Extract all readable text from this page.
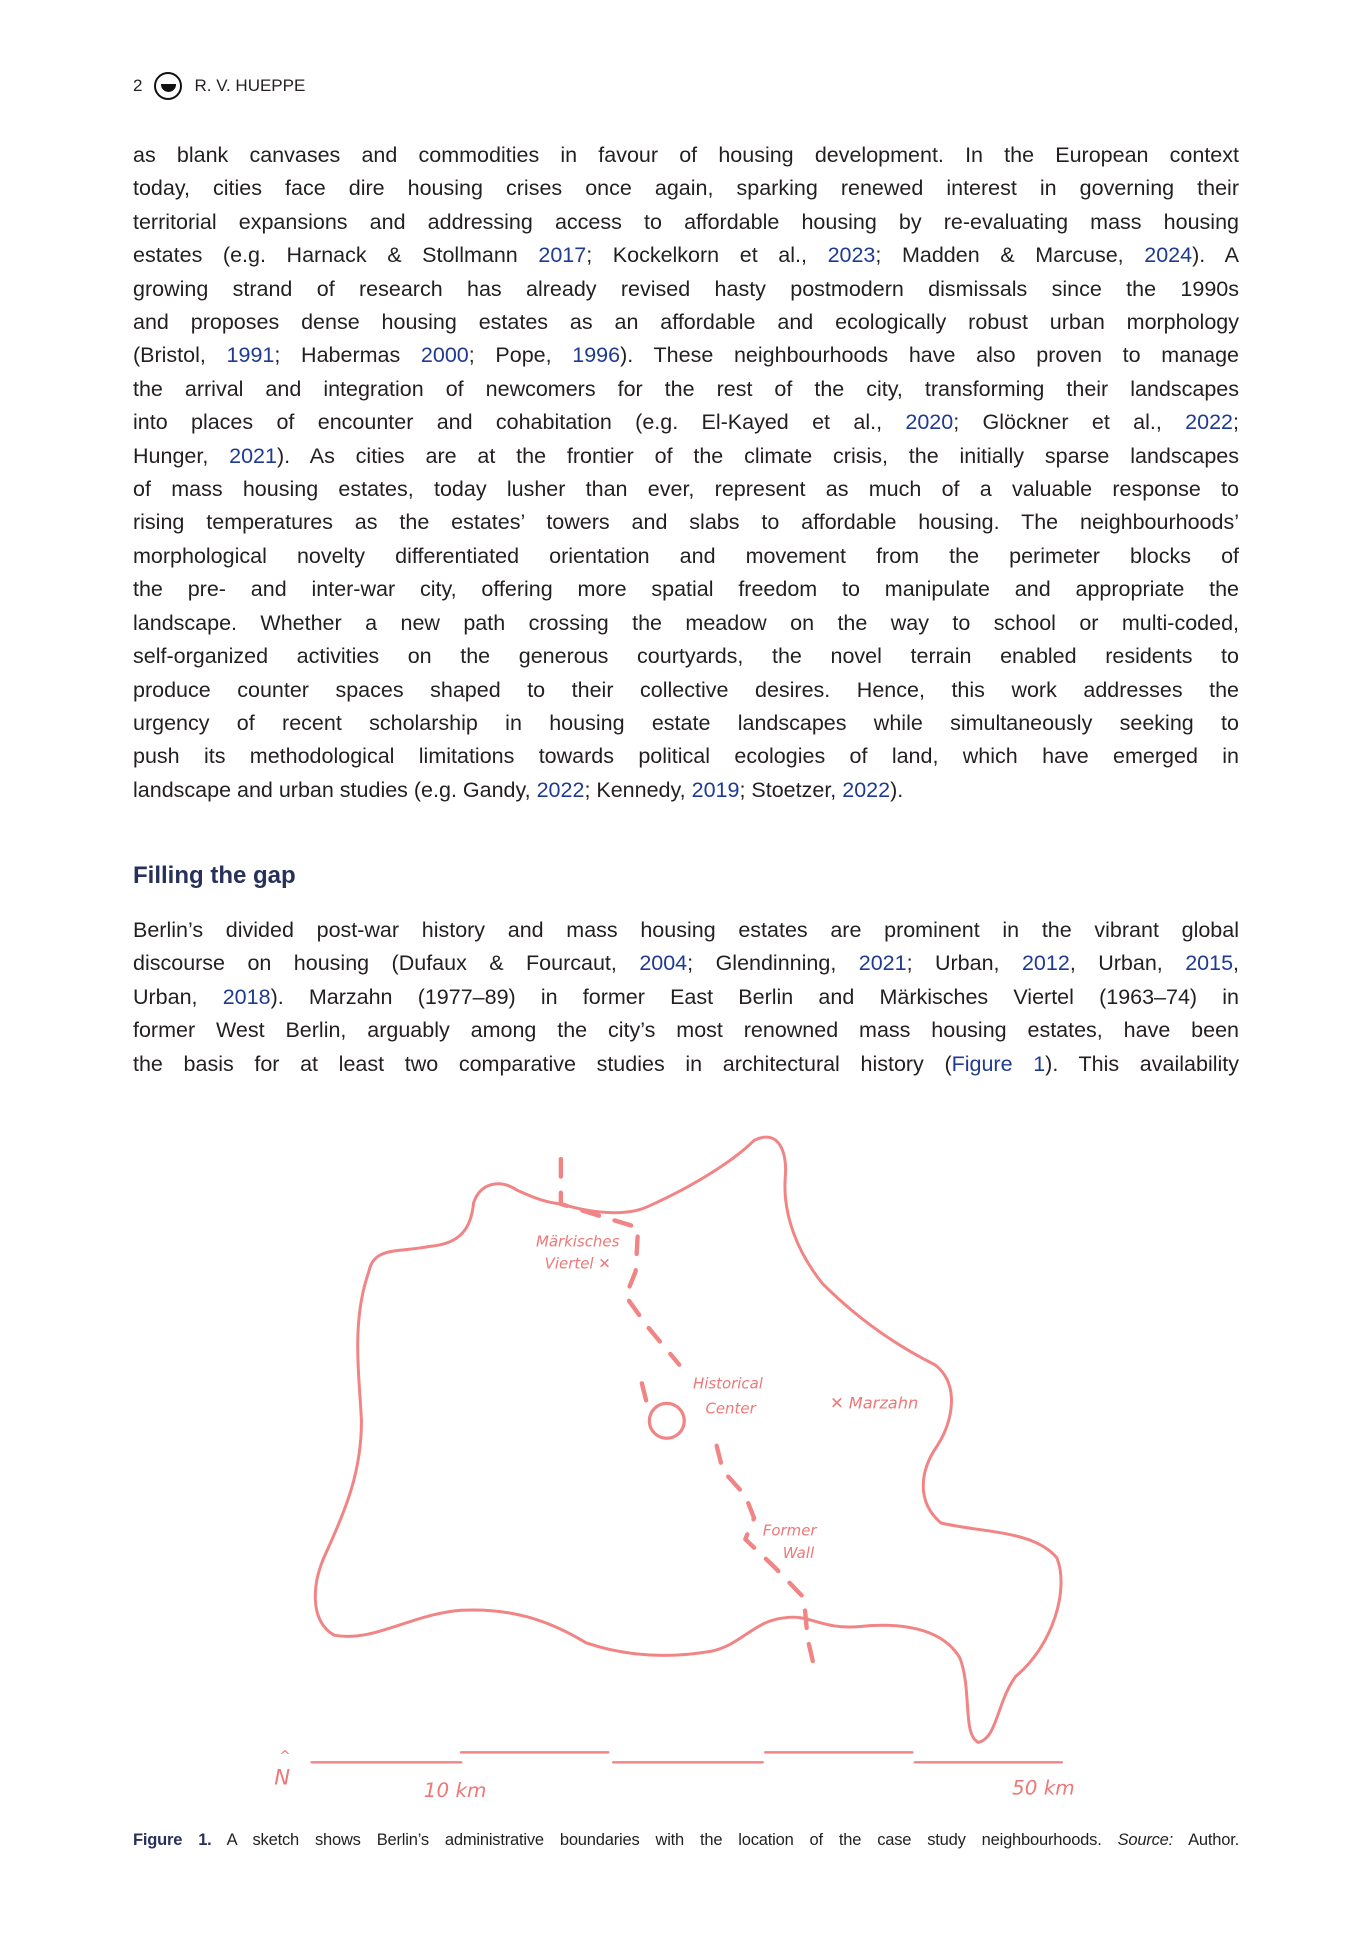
2	R. V. HUEPPE
as blank canvases and commodities in favour of housing development. In the European context
today, cities face dire housing crises once again, sparking renewed interest in governing their
territorial expansions and addressing access to affordable housing by re-evaluating mass housing
estates (e.g. Harnack & Stollmann 2017; Kockelkorn et al., 2023; Madden & Marcuse, 2024). A
growing strand of research has already revised hasty postmodern dismissals since the 1990s
and proposes dense housing estates as an affordable and ecologically robust urban morphology
(Bristol, 1991; Habermas 2000; Pope, 1996). These neighbourhoods have also proven to manage
the arrival and integration of newcomers for the rest of the city, transforming their landscapes
into places of encounter and cohabitation (e.g. El-Kayed et al., 2020; Glöckner et al., 2022;
Hunger, 2021). As cities are at the frontier of the climate crisis, the initially sparse landscapes
of mass housing estates, today lusher than ever, represent as much of a valuable response to
rising temperatures as the estates’ towers and slabs to affordable housing. The neighbourhoods’
morphological novelty differentiated orientation and movement from the perimeter blocks of
the pre- and inter-war city, offering more spatial freedom to manipulate and appropriate the
landscape. Whether a new path crossing the meadow on the way to school or multi-coded,
self-organized activities on the generous courtyards, the novel terrain enabled residents to
produce counter spaces shaped to their collective desires. Hence, this work addresses the
urgency of recent scholarship in housing estate landscapes while simultaneously seeking to
push its methodological limitations towards political ecologies of land, which have emerged in
landscape and urban studies (e.g. Gandy, 2022; Kennedy, 2019; Stoetzer, 2022).
Filling the gap
Berlin’s divided post-war history and mass housing estates are prominent in the vibrant global
discourse on housing (Dufaux & Fourcaut, 2004; Glendinning, 2021; Urban, 2012, Urban, 2015,
Urban, 2018). Marzahn (1977–89) in former East Berlin and Märkisches Viertel (1963–74) in
former West Berlin, arguably among the city’s most renowned mass housing estates, have been
the basis for at least two comparative studies in architectural history (Figure 1). This availability
Märkisches
Viertel ✕
Historical
Center	✕ Marzahn
Former
Wall
^
N
10 km	50 km
Figure 1. A sketch shows Berlin’s administrative boundaries with the location of the case study neighbourhoods. Source: Author.
